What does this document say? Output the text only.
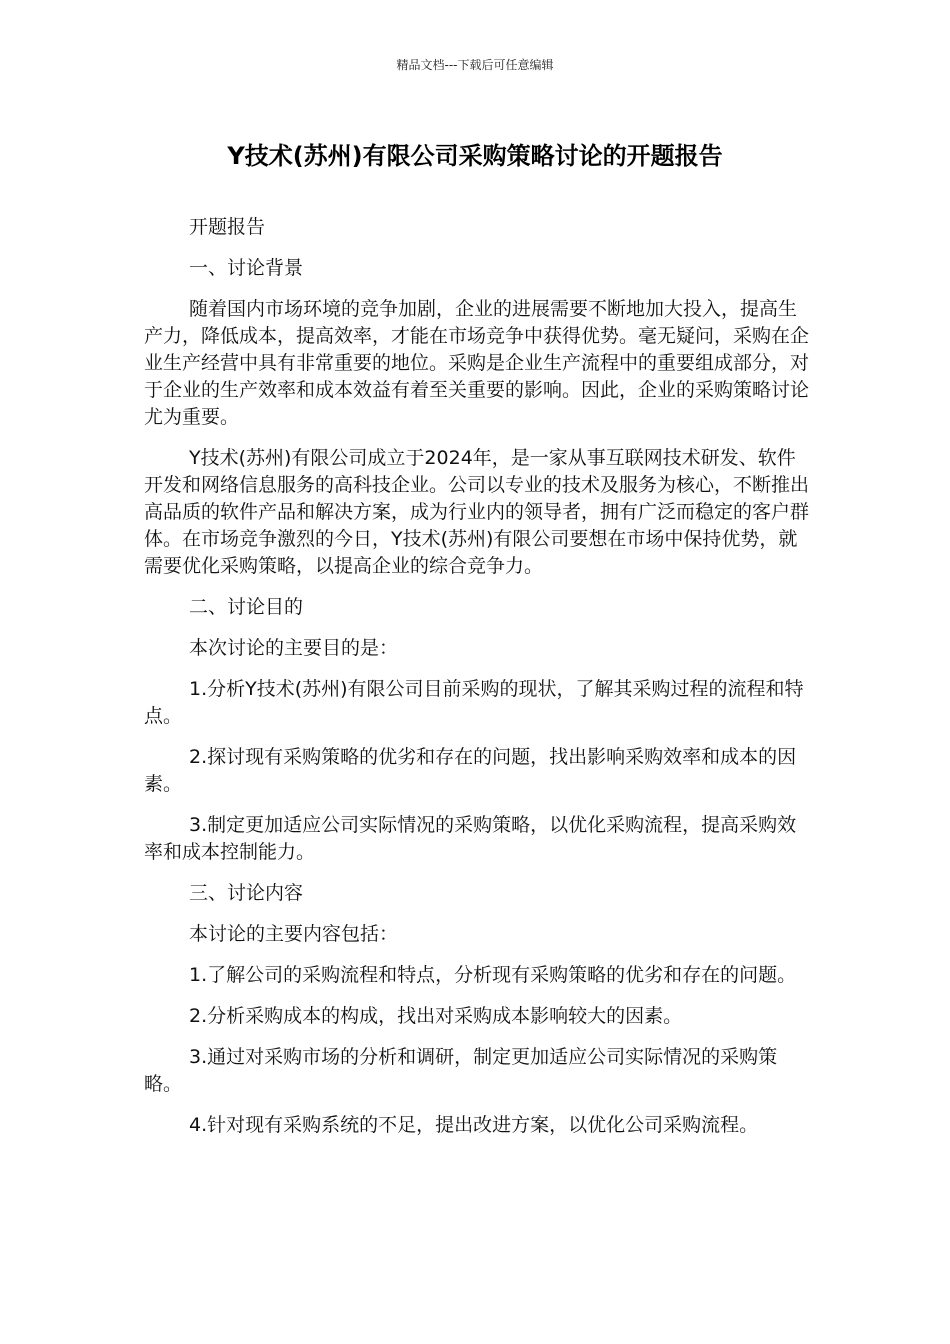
精品文档---下载后可任意编辑
Y技术(苏州)有限公司采购策略讨论的开题报告

开题报告

一、讨论背景

随着国内市场环境的竞争加剧，企业的进展需要不断地加大投入，提高生产力，降低成本，提高效率，才能在市场竞争中获得优势。毫无疑问，采购在企业生产经营中具有非常重要的地位。采购是企业生产流程中的重要组成部分，对于企业的生产效率和成本效益有着至关重要的影响。因此，企业的采购策略讨论尤为重要。

Y技术(苏州)有限公司成立于2024年，是一家从事互联网技术研发、软件开发和网络信息服务的高科技企业。公司以专业的技术及服务为核心，不断推出高品质的软件产品和解决方案，成为行业内的领导者，拥有广泛而稳定的客户群体。在市场竞争激烈的今日，Y技术(苏州)有限公司要想在市场中保持优势，就需要优化采购策略，以提高企业的综合竞争力。

二、讨论目的

本次讨论的主要目的是：

1.分析Y技术(苏州)有限公司目前采购的现状，了解其采购过程的流程和特点。

2.探讨现有采购策略的优劣和存在的问题，找出影响采购效率和成本的因素。

3.制定更加适应公司实际情况的采购策略，以优化采购流程，提高采购效率和成本控制能力。

三、讨论内容

本讨论的主要内容包括：

1.了解公司的采购流程和特点，分析现有采购策略的优劣和存在的问题。

2.分析采购成本的构成，找出对采购成本影响较大的因素。

3.通过对采购市场的分析和调研，制定更加适应公司实际情况的采购策略。

4.针对现有采购系统的不足，提出改进方案，以优化公司采购流程。
